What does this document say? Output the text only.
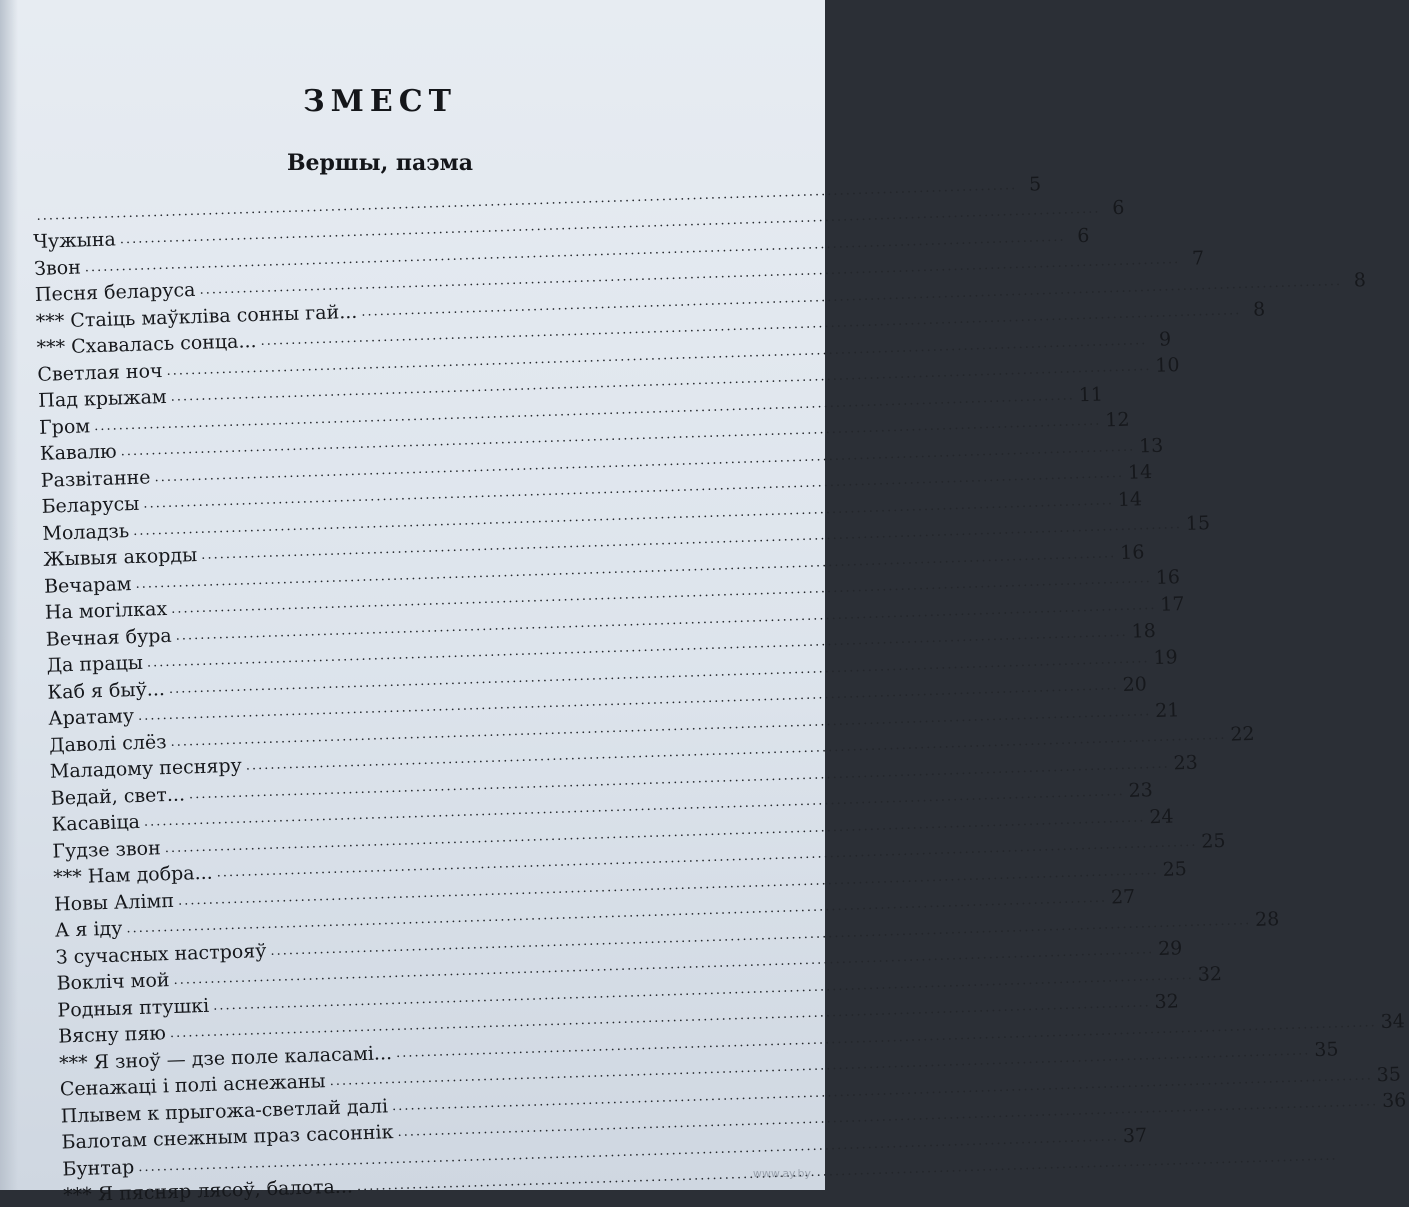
ЗМЕСТ
Вершы, паэма
.....
5
Чужына
.....
6
Звон
.....
6
Песня беларуса
.....
7
*** Стаіць маўкліва сонны гай...
.....
8
*** Схавалась сонца...
.....
8
Светлая ноч
.....
9
Пад крыжам
.....
10
Гром
.....
11
Кавалю
.....
12
Развітанне
.....
13
Беларусы
.....
14
Моладзь
.....
14
Жывыя акорды
.....
15
Вечарам
.....
16
На могілках
.....
16
Вечная бура
.....
17
Да працы
.....
18
Каб я быў...
.....
19
Аратаму
.....
20
Даволі слёз
.....
21
Маладому песняру
.....
22
Ведай, свет...
.....
23
Касавіца
.....
23
Гудзе звон
.....
24
*** Нам добра...
.....
25
Новы Алімп
.....
25
А я іду
.....
27
З сучасных настрояў
.....
28
Вокліч мой
.....
29
Родныя птушкі
.....
32
Вясну пяю
.....
32
*** Я зноў — дзе поле каласамі...
.....
34
Сенажаці і полі аснежаны
.....
35
Плывем к прыгожа-светлай далі
.....
35
Балотам снежным праз сасоннік
.....
36
Бунтар
.....
37
*** Я пясняр лясоў, балота...
.....
www.ay.by
